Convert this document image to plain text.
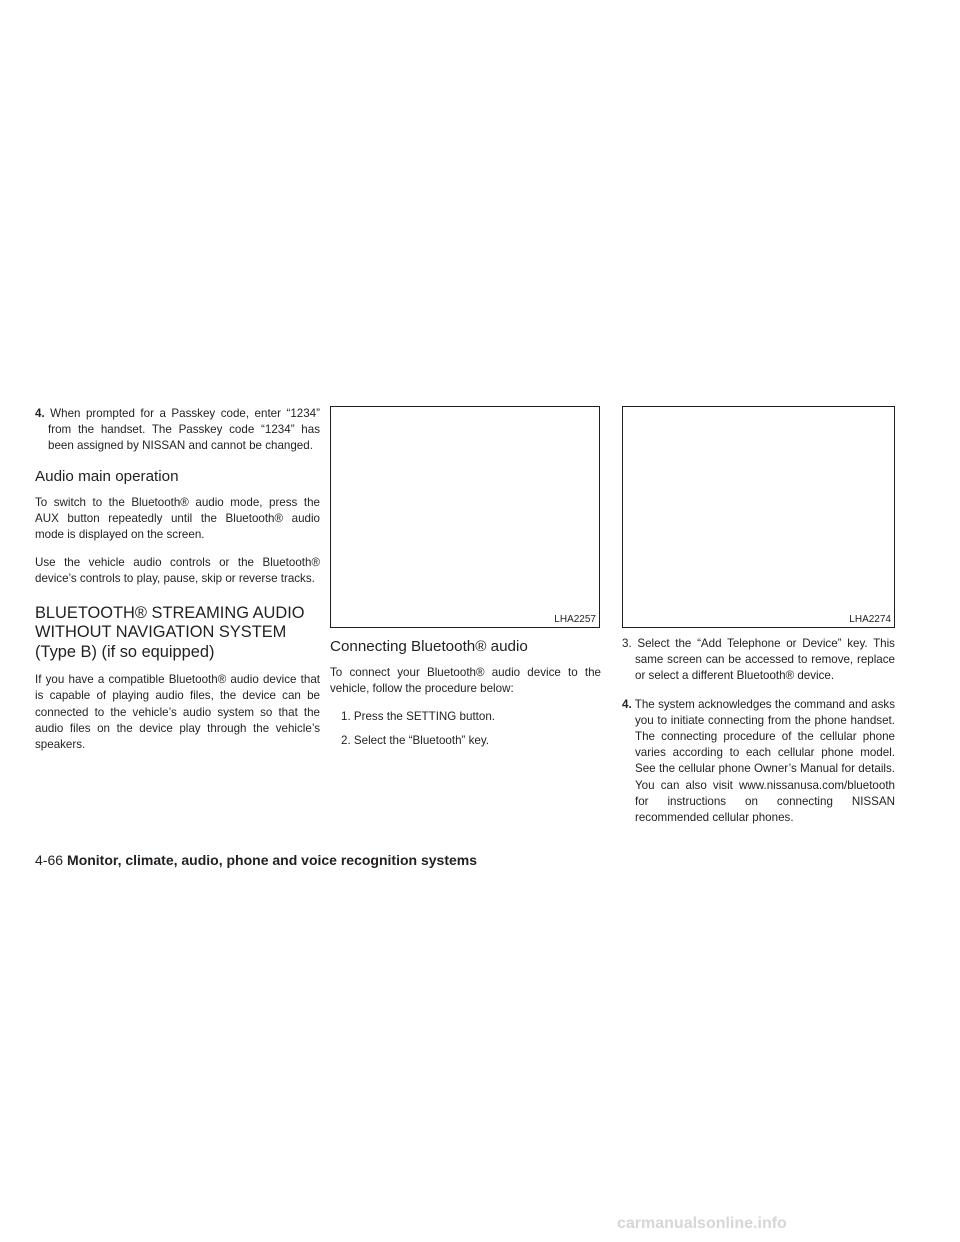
4. When prompted for a Passkey code, enter “1234” from the handset. The Passkey code “1234” has been assigned by NISSAN and cannot be changed.

Audio main operation

To switch to the Bluetooth® audio mode, press the AUX button repeatedly until the Bluetooth® audio mode is displayed on the screen.

Use the vehicle audio controls or the Bluetooth® device’s controls to play, pause, skip or reverse tracks.

BLUETOOTH® STREAMING AUDIO
WITHOUT NAVIGATION SYSTEM
(Type B) (if so equipped)

If you have a compatible Bluetooth® audio device that is capable of playing audio files, the device can be connected to the vehicle’s audio system so that the audio files on the device play through the vehicle’s speakers.

LHA2257
Connecting Bluetooth® audio

To connect your Bluetooth® audio device to the vehicle, follow the procedure below:

1. Press the SETTING button.
2. Select the “Bluetooth” key.
LHA2274

3. Select the “Add Telephone or Device” key. This same screen can be accessed to remove, replace or select a different Bluetooth® device.

4. The system acknowledges the command and asks you to initiate connecting from the phone handset. The connecting procedure of the cellular phone varies according to each cellular phone model. See the cellular phone Owner’s Manual for details. You can also visit www.nissanusa.com/bluetooth for instructions on connecting NISSAN recommended cellular phones.

4-66 Monitor, climate, audio, phone and voice recognition systems
carmanualsonline.info
